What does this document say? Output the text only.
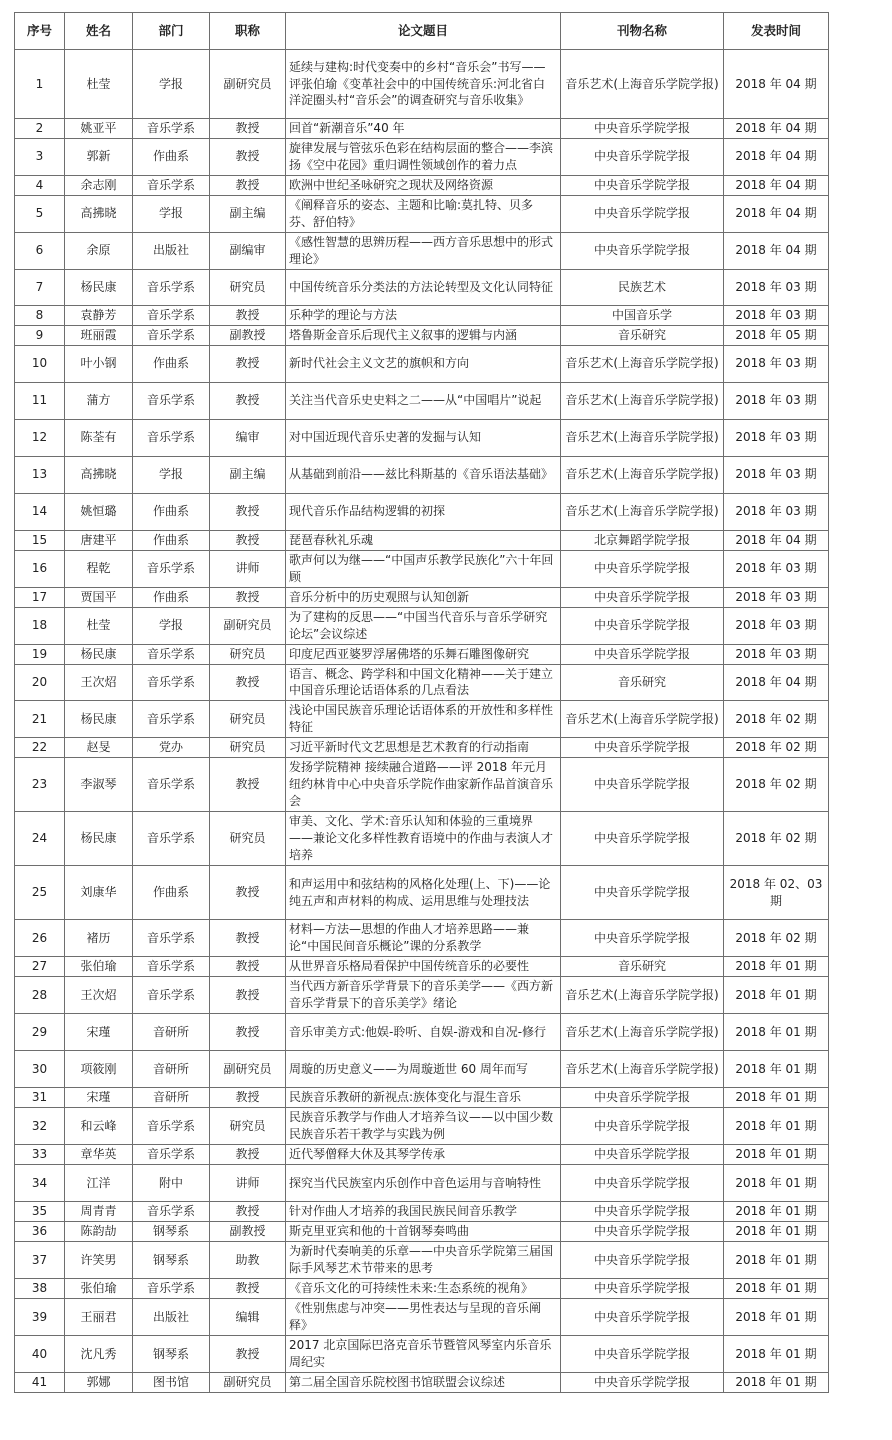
序号	姓名	部门	职称	论文题目	刊物名称	发表时间
1	杜莹	学报	副研究员	延续与建构:时代变奏中的乡村“音乐会”书写——评张伯瑜《变革社会中的中国传统音乐:河北省白洋淀圈头村“音乐会”的调查研究与音乐收集》	音乐艺术(上海音乐学院学报)	2018 年 04 期
2	姚亚平	音乐学系	教授	回首“新潮音乐”40 年	中央音乐学院学报	2018 年 04 期
3	郭新	作曲系	教授	旋律发展与管弦乐色彩在结构层面的整合——李滨扬《空中花园》重归调性领域创作的着力点	中央音乐学院学报	2018 年 04 期
4	余志刚	音乐学系	教授	欧洲中世纪圣咏研究之现状及网络资源	中央音乐学院学报	2018 年 04 期
5	高拂晓	学报	副主编	《阐释音乐的姿态、主题和比喻:莫扎特、贝多芬、舒伯特》	中央音乐学院学报	2018 年 04 期
6	余原	出版社	副编审	《感性智慧的思辨历程——西方音乐思想中的形式理论》	中央音乐学院学报	2018 年 04 期
7	杨民康	音乐学系	研究员	中国传统音乐分类法的方法论转型及文化认同特征	民族艺术	2018 年 03 期
8	袁静芳	音乐学系	教授	乐种学的理论与方法	中国音乐学	2018 年 03 期
9	班丽霞	音乐学系	副教授	塔鲁斯金音乐后现代主义叙事的逻辑与内涵	音乐研究	2018 年 05 期
10	叶小钢	作曲系	教授	新时代社会主义文艺的旗帜和方向	音乐艺术(上海音乐学院学报)	2018 年 03 期
11	蒲方	音乐学系	教授	关注当代音乐史史料之二——从“中国唱片”说起	音乐艺术(上海音乐学院学报)	2018 年 03 期
12	陈荃有	音乐学系	编审	对中国近现代音乐史著的发掘与认知	音乐艺术(上海音乐学院学报)	2018 年 03 期
13	高拂晓	学报	副主编	从基础到前沿——兹比科斯基的《音乐语法基础》	音乐艺术(上海音乐学院学报)	2018 年 03 期
14	姚恒璐	作曲系	教授	现代音乐作品结构逻辑的初探	音乐艺术(上海音乐学院学报)	2018 年 03 期
15	唐建平	作曲系	教授	琵琶春秋礼乐魂	北京舞蹈学院学报	2018 年 04 期
16	程乾	音乐学系	讲师	歌声何以为继——“中国声乐教学民族化”六十年回顾	中央音乐学院学报	2018 年 03 期
17	贾国平	作曲系	教授	音乐分析中的历史观照与认知创新	中央音乐学院学报	2018 年 03 期
18	杜莹	学报	副研究员	为了建构的反思——“中国当代音乐与音乐学研究论坛”会议综述	中央音乐学院学报	2018 年 03 期
19	杨民康	音乐学系	研究员	印度尼西亚婆罗浮屠佛塔的乐舞石雕图像研究	中央音乐学院学报	2018 年 03 期
20	王次炤	音乐学系	教授	语言、概念、跨学科和中国文化精神——关于建立中国音乐理论话语体系的几点看法	音乐研究	2018 年 04 期
21	杨民康	音乐学系	研究员	浅论中国民族音乐理论话语体系的开放性和多样性特征	音乐艺术(上海音乐学院学报)	2018 年 02 期
22	赵旻	党办	研究员	习近平新时代文艺思想是艺术教育的行动指南	中央音乐学院学报	2018 年 02 期
23	李淑琴	音乐学系	教授	发扬学院精神 接续融合道路——评 2018 年元月纽约林肯中心中央音乐学院作曲家新作品首演音乐会	中央音乐学院学报	2018 年 02 期
24	杨民康	音乐学系	研究员	审美、文化、学术:音乐认知和体验的三重境界——兼论文化多样性教育语境中的作曲与表演人才培养	中央音乐学院学报	2018 年 02 期
25	刘康华	作曲系	教授	和声运用中和弦结构的风格化处理(上、下)——论纯五声和声材料的构成、运用思维与处理技法	中央音乐学院学报	2018 年 02、03 期
26	褚历	音乐学系	教授	材料—方法—思想的作曲人才培养思路——兼论“中国民间音乐概论”课的分系教学	中央音乐学院学报	2018 年 02 期
27	张伯瑜	音乐学系	教授	从世界音乐格局看保护中国传统音乐的必要性	音乐研究	2018 年 01 期
28	王次炤	音乐学系	教授	当代西方新音乐学背景下的音乐美学——《西方新音乐学背景下的音乐美学》绪论	音乐艺术(上海音乐学院学报)	2018 年 01 期
29	宋瑾	音研所	教授	音乐审美方式:他娱-聆听、自娱-游戏和自况-修行	音乐艺术(上海音乐学院学报)	2018 年 01 期
30	项筱刚	音研所	副研究员	周璇的历史意义——为周璇逝世 60 周年而写	音乐艺术(上海音乐学院学报)	2018 年 01 期
31	宋瑾	音研所	教授	民族音乐教研的新视点:族体变化与混生音乐	中央音乐学院学报	2018 年 01 期
32	和云峰	音乐学系	研究员	民族音乐教学与作曲人才培养刍议——以中国少数民族音乐若干教学与实践为例	中央音乐学院学报	2018 年 01 期
33	章华英	音乐学系	教授	近代琴僧释大休及其琴学传承	中央音乐学院学报	2018 年 01 期
34	江洋	附中	讲师	探究当代民族室内乐创作中音色运用与音响特性	中央音乐学院学报	2018 年 01 期
35	周青青	音乐学系	教授	针对作曲人才培养的我国民族民间音乐教学	中央音乐学院学报	2018 年 01 期
36	陈韵劼	钢琴系	副教授	斯克里亚宾和他的十首钢琴奏鸣曲	中央音乐学院学报	2018 年 01 期
37	许笑男	钢琴系	助教	为新时代奏响美的乐章——中央音乐学院第三届国际手风琴艺术节带来的思考	中央音乐学院学报	2018 年 01 期
38	张伯瑜	音乐学系	教授	《音乐文化的可持续性未来:生态系统的视角》	中央音乐学院学报	2018 年 01 期
39	王丽君	出版社	编辑	《性别焦虑与冲突——男性表达与呈现的音乐阐释》	中央音乐学院学报	2018 年 01 期
40	沈凡秀	钢琴系	教授	2017 北京国际巴洛克音乐节暨管风琴室内乐音乐周纪实	中央音乐学院学报	2018 年 01 期
41	郭娜	图书馆	副研究员	第二届全国音乐院校图书馆联盟会议综述	中央音乐学院学报	2018 年 01 期
